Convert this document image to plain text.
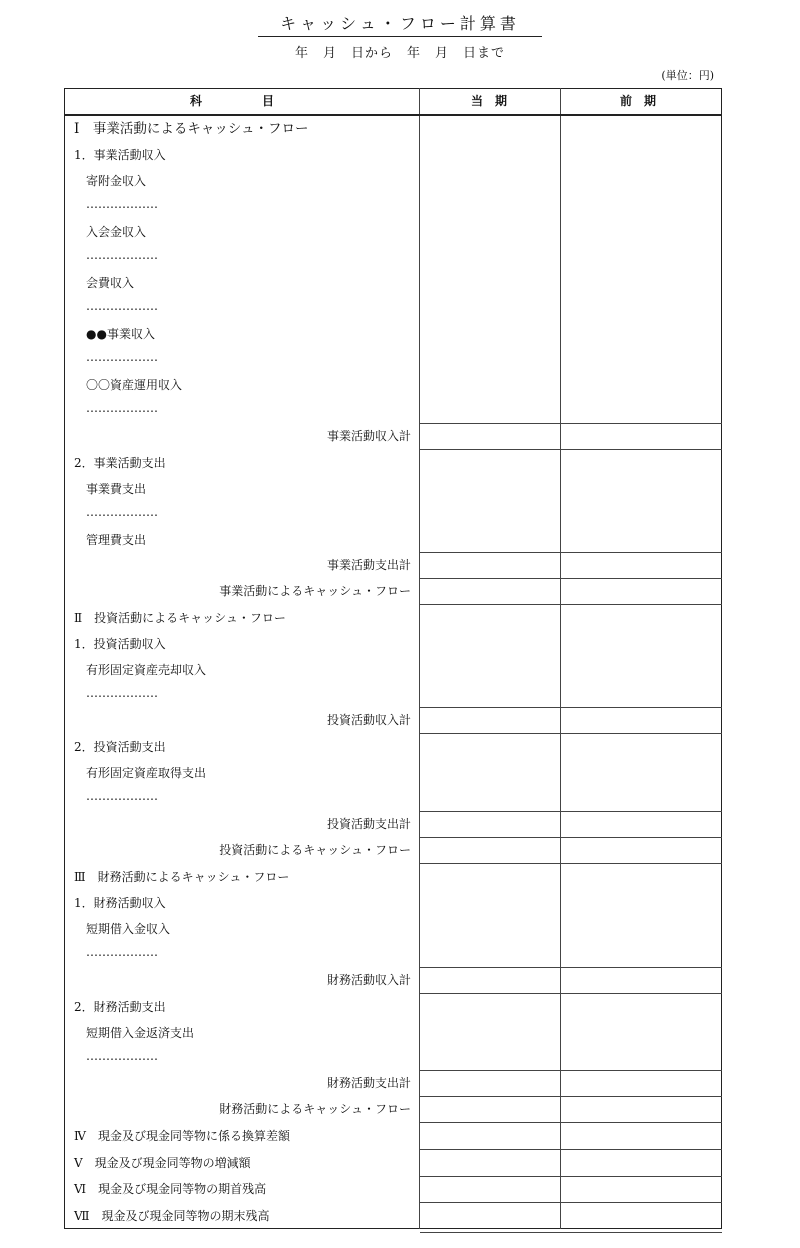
キャッシュ・フロー計算書
年　月　日から　年　月　日まで
(単位：円)
科　　　　　目	当　期	前　期
Ⅰ　事業活動によるキャッシュ・フロー
1．事業活動収入
寄附金収入
………………
入会金収入
………………
会費収入
………………
●●事業収入
………………
〇〇資産運用収入
………………
事業活動収入計
2．事業活動支出
事業費支出
………………
管理費支出
事業活動支出計
事業活動によるキャッシュ・フロー
Ⅱ　投資活動によるキャッシュ・フロー
1．投資活動収入
有形固定資産売却収入
………………
投資活動収入計
2．投資活動支出
有形固定資産取得支出
………………
投資活動支出計
投資活動によるキャッシュ・フロー
Ⅲ　財務活動によるキャッシュ・フロー
1．財務活動収入
短期借入金収入
………………
財務活動収入計
2．財務活動支出
短期借入金返済支出
………………
財務活動支出計
財務活動によるキャッシュ・フロー
Ⅳ　現金及び現金同等物に係る換算差額
Ⅴ　現金及び現金同等物の増減額
Ⅵ　現金及び現金同等物の期首残高
Ⅶ　現金及び現金同等物の期末残高
